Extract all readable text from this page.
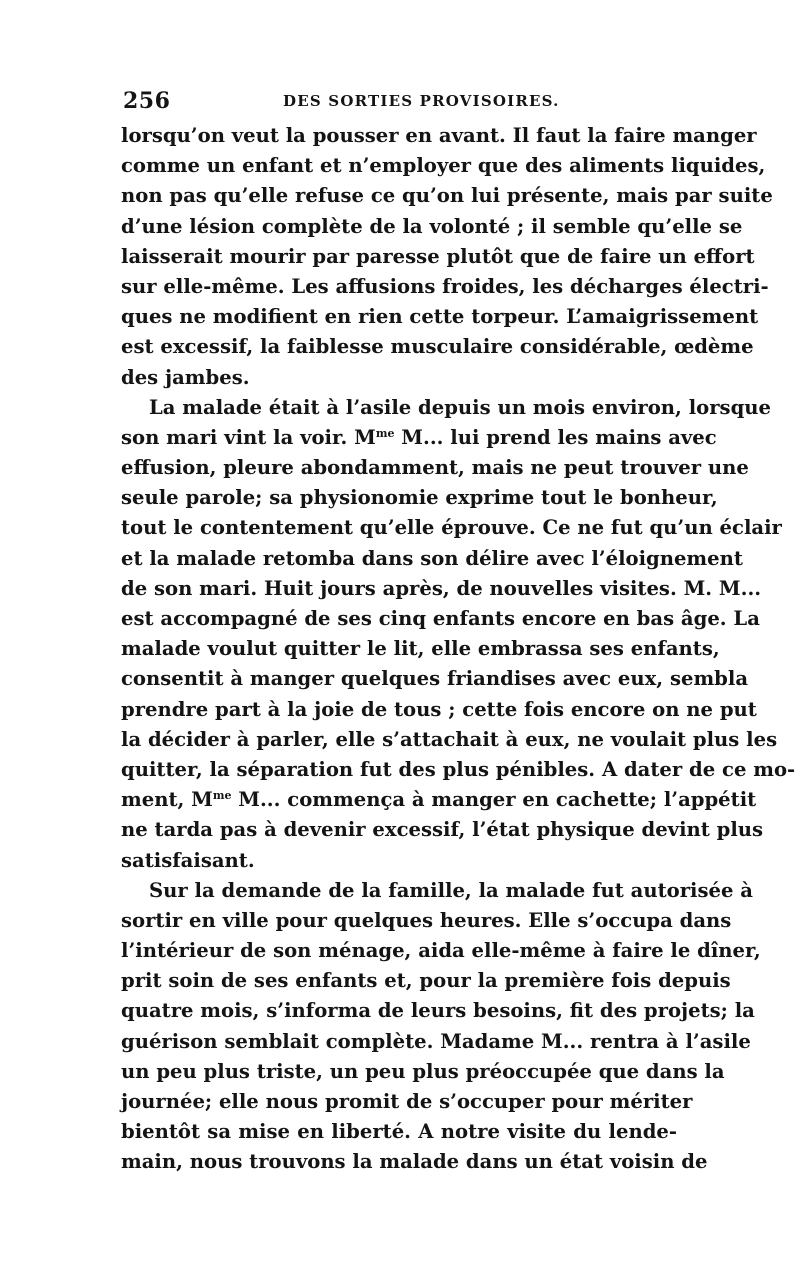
256	DES SORTIES PROVISOIRES.
lorsqu’on veut la pousser en avant. Il faut la faire manger
comme un enfant et n’employer que des aliments liquides,
non pas qu’elle refuse ce qu’on lui présente, mais par suite
d’une lésion complète de la volonté ; il semble qu’elle se
laisserait mourir par paresse plutôt que de faire un effort
sur elle-même. Les affusions froides, les décharges électri-
ques ne modifient en rien cette torpeur. L’amaigrissement
est excessif, la faiblesse musculaire considérable, œdème
des jambes.
La malade était à l’asile depuis un mois environ, lorsque
son mari vint la voir. $M^{me}$ M... lui prend les mains avec
effusion, pleure abondamment, mais ne peut trouver une
seule parole; sa physionomie exprime tout le bonheur,
tout le contentement qu’elle éprouve. Ce ne fut qu’un éclair
et la malade retomba dans son délire avec l’éloignement
de son mari. Huit jours après, de nouvelles visites. M. M...
est accompagné de ses cinq enfants encore en bas âge. La
malade voulut quitter le lit, elle embrassa ses enfants,
consentit à manger quelques friandises avec eux, sembla
prendre part à la joie de tous ; cette fois encore on ne put
la décider à parler, elle s’attachait à eux, ne voulait plus les
quitter, la séparation fut des plus pénibles. A dater de ce mo-
ment, $M^{me}$ M... commença à manger en cachette; l’appétit
ne tarda pas à devenir excessif, l’état physique devint plus
satisfaisant.
Sur la demande de la famille, la malade fut autorisée à
sortir en ville pour quelques heures. Elle s’occupa dans
l’intérieur de son ménage, aida elle-même à faire le dîner,
prit soin de ses enfants et, pour la première fois depuis
quatre mois, s’informa de leurs besoins, fit des projets; la
guérison semblait complète. Madame M... rentra à l’asile
un peu plus triste, un peu plus préoccupée que dans la
journée; elle nous promit de s’occuper pour mériter
bientôt sa mise en liberté. A notre visite du lende-
main, nous trouvons la malade dans un état voisin de
